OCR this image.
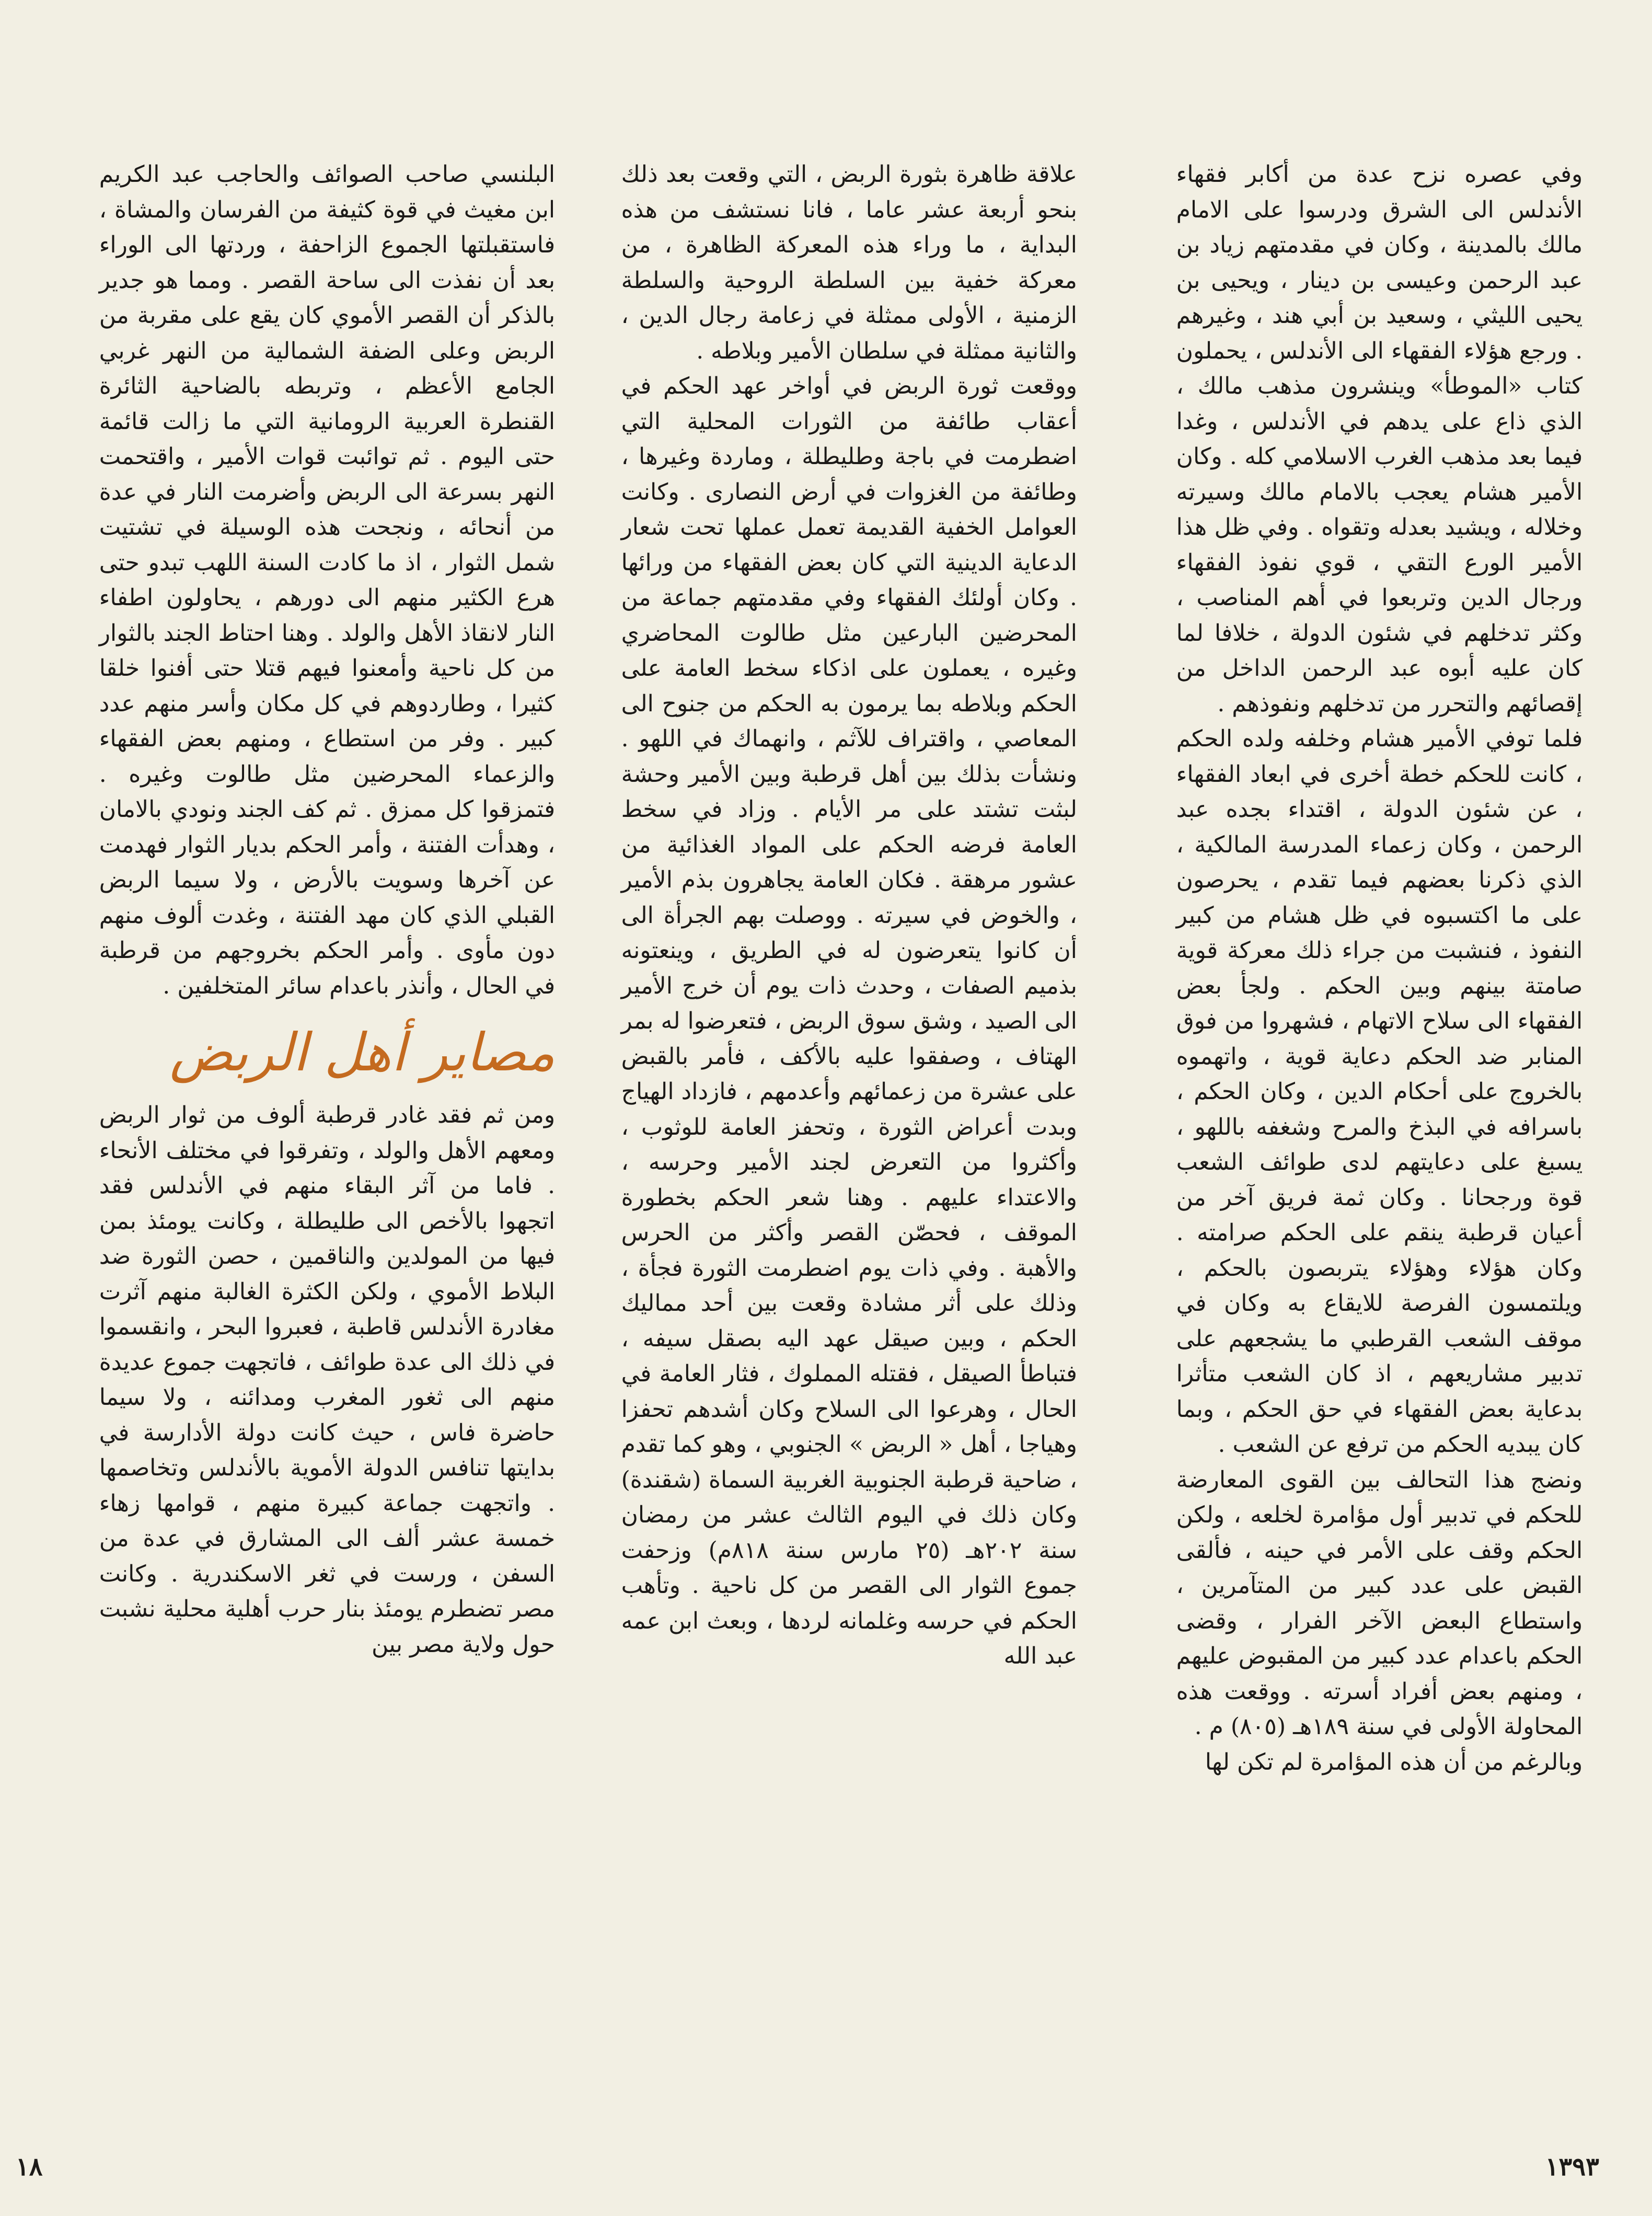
وفي عصره نزح عدة من أكابر فقهاء الأندلس الى الشرق ودرسوا على الامام مالك بالمدينة ، وكان في مقدمتهم زياد بن عبد الرحمن وعيسى بن دينار ، ويحيى بن يحيى الليثي ، وسعيد بن أبي هند ، وغيرهم . ورجع هؤلاء الفقهاء الى الأندلس ، يحملون كتاب «الموطأ» وينشرون مذهب مالك ، الذي ذاع على يدهم في الأندلس ، وغدا فيما بعد مذهب الغرب الاسلامي كله . وكان الأمير هشام يعجب بالامام مالك وسيرته وخلاله ، ويشيد بعدله وتقواه . وفي ظل هذا الأمير الورع التقي ، قوي نفوذ الفقهاء ورجال الدين وتربعوا في أهم المناصب ، وكثر تدخلهم في شئون الدولة ، خلافا لما كان عليه أبوه عبد الرحمن الداخل من إقصائهم والتحرر من تدخلهم ونفوذهم .

فلما توفي الأمير هشام وخلفه ولده الحكم ، كانت للحكم خطة أخرى في ابعاد الفقهاء ، عن شئون الدولة ، اقتداء بجده عبد الرحمن ، وكان زعماء المدرسة المالكية ، الذي ذكرنا بعضهم فيما تقدم ، يحرصون على ما اكتسبوه في ظل هشام من كبير النفوذ ، فنشبت من جراء ذلك معركة قوية صامتة بينهم وبين الحكم . ولجأ بعض الفقهاء الى سلاح الاتهام ، فشهروا من فوق المنابر ضد الحكم دعاية قوية ، واتهموه بالخروج على أحكام الدين ، وكان الحكم ، باسرافه في البذخ والمرح وشغفه باللهو ، يسبغ على دعايتهم لدى طوائف الشعب قوة ورجحانا . وكان ثمة فريق آخر من أعيان قرطبة ينقم على الحكم صرامته . وكان هؤلاء وهؤلاء يتربصون بالحكم ، ويلتمسون الفرصة للايقاع به وكان في موقف الشعب القرطبي ما يشجعهم على تدبير مشاريعهم ، اذ كان الشعب متأثرا بدعاية بعض الفقهاء في حق الحكم ، وبما كان يبديه الحكم من ترفع عن الشعب .

ونضج هذا التحالف بين القوى المعارضة للحكم في تدبير أول مؤامرة لخلعه ، ولكن الحكم وقف على الأمر في حينه ، فألقى القبض على عدد كبير من المتآمرين ، واستطاع البعض الآخر الفرار ، وقضى الحكم باعدام عدد كبير من المقبوض عليهم ، ومنهم بعض أفراد أسرته . ووقعت هذه المحاولة الأولى في سنة ١٨٩هـ (٨٠٥) م .

وبالرغم من أن هذه المؤامرة لم تكن لها

علاقة ظاهرة بثورة الربض ، التي وقعت بعد ذلك بنحو أربعة عشر عاما ، فانا نستشف من هذه البداية ، ما وراء هذه المعركة الظاهرة ، من معركة خفية بين السلطة الروحية والسلطة الزمنية ، الأولى ممثلة في زعامة رجال الدين ، والثانية ممثلة في سلطان الأمير وبلاطه .

ووقعت ثورة الربض في أواخر عهد الحكم في أعقاب طائفة من الثورات المحلية التي اضطرمت في باجة وطليطلة ، وماردة وغيرها ، وطائفة من الغزوات في أرض النصارى . وكانت العوامل الخفية القديمة تعمل عملها تحت شعار الدعاية الدينية التي كان بعض الفقهاء من ورائها . وكان أولئك الفقهاء وفي مقدمتهم جماعة من المحرضين البارعين مثل طالوت المحاضري وغيره ، يعملون على اذكاء سخط العامة على الحكم وبلاطه بما يرمون به الحكم من جنوح الى المعاصي ، واقتراف للآثم ، وانهماك في اللهو . ونشأت بذلك بين أهل قرطبة وبين الأمير وحشة لبثت تشتد على مر الأيام . وزاد في سخط العامة فرضه الحكم على المواد الغذائية من عشور مرهقة . فكان العامة يجاهرون بذم الأمير ، والخوض في سيرته . ووصلت بهم الجرأة الى أن كانوا يتعرضون له في الطريق ، وينعتونه بذميم الصفات ، وحدث ذات يوم أن خرج الأمير الى الصيد ، وشق سوق الربض ، فتعرضوا له بمر الهتاف ، وصفقوا عليه بالأكف ، فأمر بالقبض على عشرة من زعمائهم وأعدمهم ، فازداد الهياج وبدت أعراض الثورة ، وتحفز العامة للوثوب ، وأكثروا من التعرض لجند الأمير وحرسه ، والاعتداء عليهم . وهنا شعر الحكم بخطورة الموقف ، فحصّن القصر وأكثر من الحرس والأهبة . وفي ذات يوم اضطرمت الثورة فجأة ، وذلك على أثر مشادة وقعت بين أحد مماليك الحكم ، وبين صيقل عهد اليه بصقل سيفه ، فتباطأ الصيقل ، فقتله المملوك ، فثار العامة في الحال ، وهرعوا الى السلاح وكان أشدهم تحفزا وهياجا ، أهل « الربض » الجنوبي ، وهو كما تقدم ، ضاحية قرطبة الجنوبية الغربية السماة (شقندة) وكان ذلك في اليوم الثالث عشر من رمضان سنة ٢٠٢هـ (٢٥ مارس سنة ٨١٨م) وزحفت جموع الثوار الى القصر من كل ناحية . وتأهب الحكم في حرسه وغلمانه لردها ، وبعث ابن عمه عبد الله

البلنسي صاحب الصوائف والحاجب عبد الكريم ابن مغيث في قوة كثيفة من الفرسان والمشاة ، فاستقبلتها الجموع الزاحفة ، وردتها الى الوراء بعد أن نفذت الى ساحة القصر . ومما هو جدير بالذكر أن القصر الأموي كان يقع على مقربة من الربض وعلى الضفة الشمالية من النهر غربي الجامع الأعظم ، وتربطه بالضاحية الثائرة القنطرة العربية الرومانية التي ما زالت قائمة حتى اليوم . ثم توائبت قوات الأمير ، واقتحمت النهر بسرعة الى الربض وأضرمت النار في عدة من أنحائه ، ونجحت هذه الوسيلة في تشتيت شمل الثوار ، اذ ما كادت السنة اللهب تبدو حتى هرع الكثير منهم الى دورهم ، يحاولون اطفاء النار لانقاذ الأهل والولد . وهنا احتاط الجند بالثوار من كل ناحية وأمعنوا فيهم قتلا حتى أفنوا خلقا كثيرا ، وطاردوهم في كل مكان وأسر منهم عدد كبير . وفر من استطاع ، ومنهم بعض الفقهاء والزعماء المحرضين مثل طالوت وغيره . فتمزقوا كل ممزق . ثم كف الجند ونودي بالامان ، وهدأت الفتنة ، وأمر الحكم بديار الثوار فهدمت عن آخرها وسويت بالأرض ، ولا سيما الربض القبلي الذي كان مهد الفتنة ، وغدت ألوف منهم دون مأوى . وأمر الحكم بخروجهم من قرطبة في الحال ، وأنذر باعدام سائر المتخلفين .

مصاير أهل الربض

ومن ثم فقد غادر قرطبة ألوف من ثوار الربض ومعهم الأهل والولد ، وتفرقوا في مختلف الأنحاء . فاما من آثر البقاء منهم في الأندلس فقد اتجهوا بالأخص الى طليطلة ، وكانت يومئذ بمن فيها من المولدين والناقمين ، حصن الثورة ضد البلاط الأموي ، ولكن الكثرة الغالبة منهم آثرت مغادرة الأندلس قاطبة ، فعبروا البحر ، وانقسموا في ذلك الى عدة طوائف ، فاتجهت جموع عديدة منهم الى ثغور المغرب ومدائنه ، ولا سيما حاضرة فاس ، حيث كانت دولة الأدارسة في بدايتها تنافس الدولة الأموية بالأندلس وتخاصمها . واتجهت جماعة كبيرة منهم ، قوامها زهاء خمسة عشر ألف الى المشارق في عدة من السفن ، ورست في ثغر الاسكندرية . وكانت مصر تضطرم يومئذ بنار حرب أهلية محلية نشبت حول ولاية مصر بين

١٨	١٣٩٣
